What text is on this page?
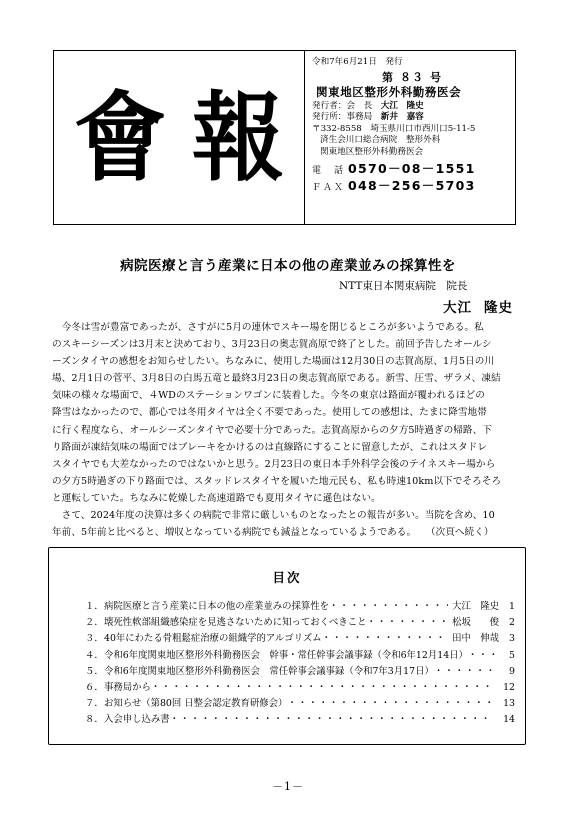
會 報
令和7年6月21日　発行
第 ８３ 号
関東地区整形外科勤務医会
発行者：会　長　 大江　隆史
発行所：事務局　 新井　嘉容
〒332-8558　埼玉県川口市西川口5-11-5
済生会川口総合病院　整形外科
関東地区整形外科勤務医会
電　話 0570－08－1551
ＦＡＸ 048－256－5703
病院医療と言う産業に日本の他の産業並みの採算性を
NTT東日本関東病院　院長
大江 隆史
今冬は雪が豊富であったが、さすがに5月の連休でスキー場を閉じるところが多いようである。私
のスキーシーズンは3月末と決めており、3月23日の奥志賀高原で終了とした。前回予告したオールシ
ーズンタイヤの感想をお知らせしたい。ちなみに、使用した場面は12月30日の志賀高原、1月5日の川
場、2月1日の菅平、3月8日の白馬五竜と最終3月23日の奥志賀高原である。新雪、圧雪、ザラメ、凍結
気味の様々な場面で、４WDのステーションワゴンに装着した。今冬の東京は路面が覆われるほどの
降雪はなかったので、都心では冬用タイヤは全く不要であった。使用しての感想は、たまに降雪地帯
に行く程度なら、オールシーズンタイヤで必要十分であった。志賀高原からの夕方5時過ぎの帰路、下
り路面が凍結気味の場面ではブレーキをかけるのは直線路にすることに留意したが、これはスタドレ
スタイヤでも大差なかったのではないかと思う。2月23日の東日本手外科学会後のテイネスキー場から
の夕方5時過ぎの下り路面では、スタッドレスタイヤを履いた地元民も、私も時速10km以下でそろそろ
と運転していた。ちなみに乾燥した高速道路でも夏用タイヤに遜色はない。
さて、2024年度の決算は多くの病院で非常に厳しいものとなったとの報告が多い。当院を含め、10
年前、5年前と比べると、増収となっている病院でも減益となっているようである。　　（次頁へ続く）
目次
１． 病院医療と言う産業に日本の他の産業並みの採算性を ・・・・・・・・・・・・・・・・・・・・・・・・・・・・・・・・・・・・・・・・・・・・・・・・・・・・	大江　隆史	1
２． 壊死性軟部組織感染症を見逃さないために知っておくべきこと ・・・・・・・・・・・・・・・・・・・・・・・・・・・・・・・・・・・・・・・・・・・・・・・・・・・・	松坂　　俊	2
３． 40年にわたる骨粗鬆症治療の組織学的アルゴリズム ・・・・・・・・・・・・・・・・・・・・・・・・・・・・・・・・・・・・・・・・・・・・・・・・・・・・	田中　伸哉	3
４． 令和6年度関東地区整形外科勤務医会　幹事・常任幹事会議事録（令和6年12月14日） ・・・・・・・・・・・・・・・・・・・・・・・・・・・・・・・・・・・・・・・・・・・・・・・・・・・・	5
５． 令和6年度関東地区整形外科勤務医会　常任幹事会議事録（令和7年3月17日） ・・・・・・・・・・・・・・・・・・・・・・・・・・・・・・・・・・・・・・・・・・・・・・・・・・・・	9
６． 事務局から ・・・・・・・・・・・・・・・・・・・・・・・・・・・・・・・・・・・・・・・・・・・・・・・・・・・・	12
７． お知らせ（第80回 日整会認定教育研修会） ・・・・・・・・・・・・・・・・・・・・・・・・・・・・・・・・・・・・・・・・・・・・・・・・・・・・	13
８． 入会申し込み書 ・・・・・・・・・・・・・・・・・・・・・・・・・・・・・・・・・・・・・・・・・・・・・・・・・・・・	14
－1－
